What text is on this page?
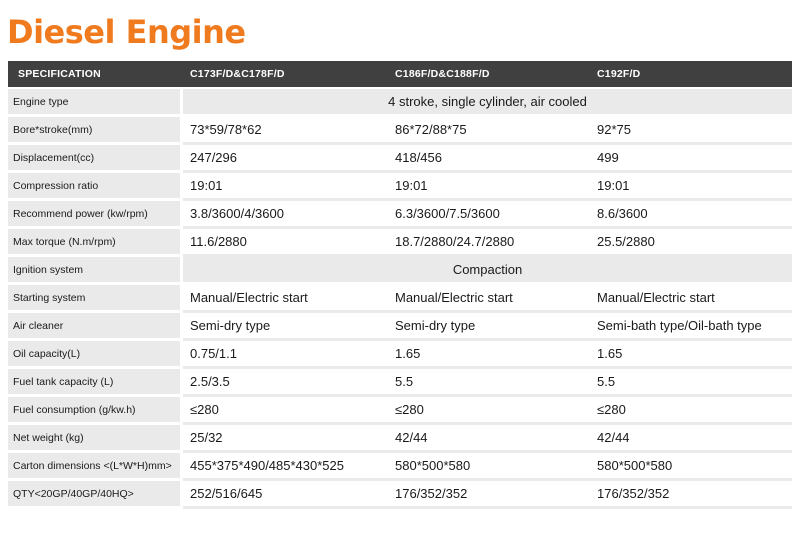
Diesel Engine
SPECIFICATION	C173F/D&C178F/D	C186F/D&C188F/D	C192F/D
Engine type	4 stroke, single cylinder, air cooled		
Bore*stroke(mm)	73*59/78*62	86*72/88*75	92*75
Displacement(cc)	247/296	418/456	499
Compression ratio	19:01	19:01	19:01
Recommend power (kw/rpm)	3.8/3600/4/3600	6.3/3600/7.5/3600	8.6/3600
Max torque (N.m/rpm)	11.6/2880	18.7/2880/24.7/2880	25.5/2880
Ignition system	Compaction		
Starting system	Manual/Electric start	Manual/Electric start	Manual/Electric start
Air cleaner	Semi-dry type	Semi-dry type	Semi-bath type/Oil-bath type
Oil capacity(L)	0.75/1.1	1.65	1.65
Fuel tank capacity (L)	2.5/3.5	5.5	5.5
Fuel consumption (g/kw.h)	≤280	≤280	≤280
Net weight (kg)	25/32	42/44	42/44
Carton dimensions <(L*W*H)mm>	455*375*490/485*430*525	580*500*580	580*500*580
QTY<20GP/40GP/40HQ>	252/516/645	176/352/352	176/352/352
